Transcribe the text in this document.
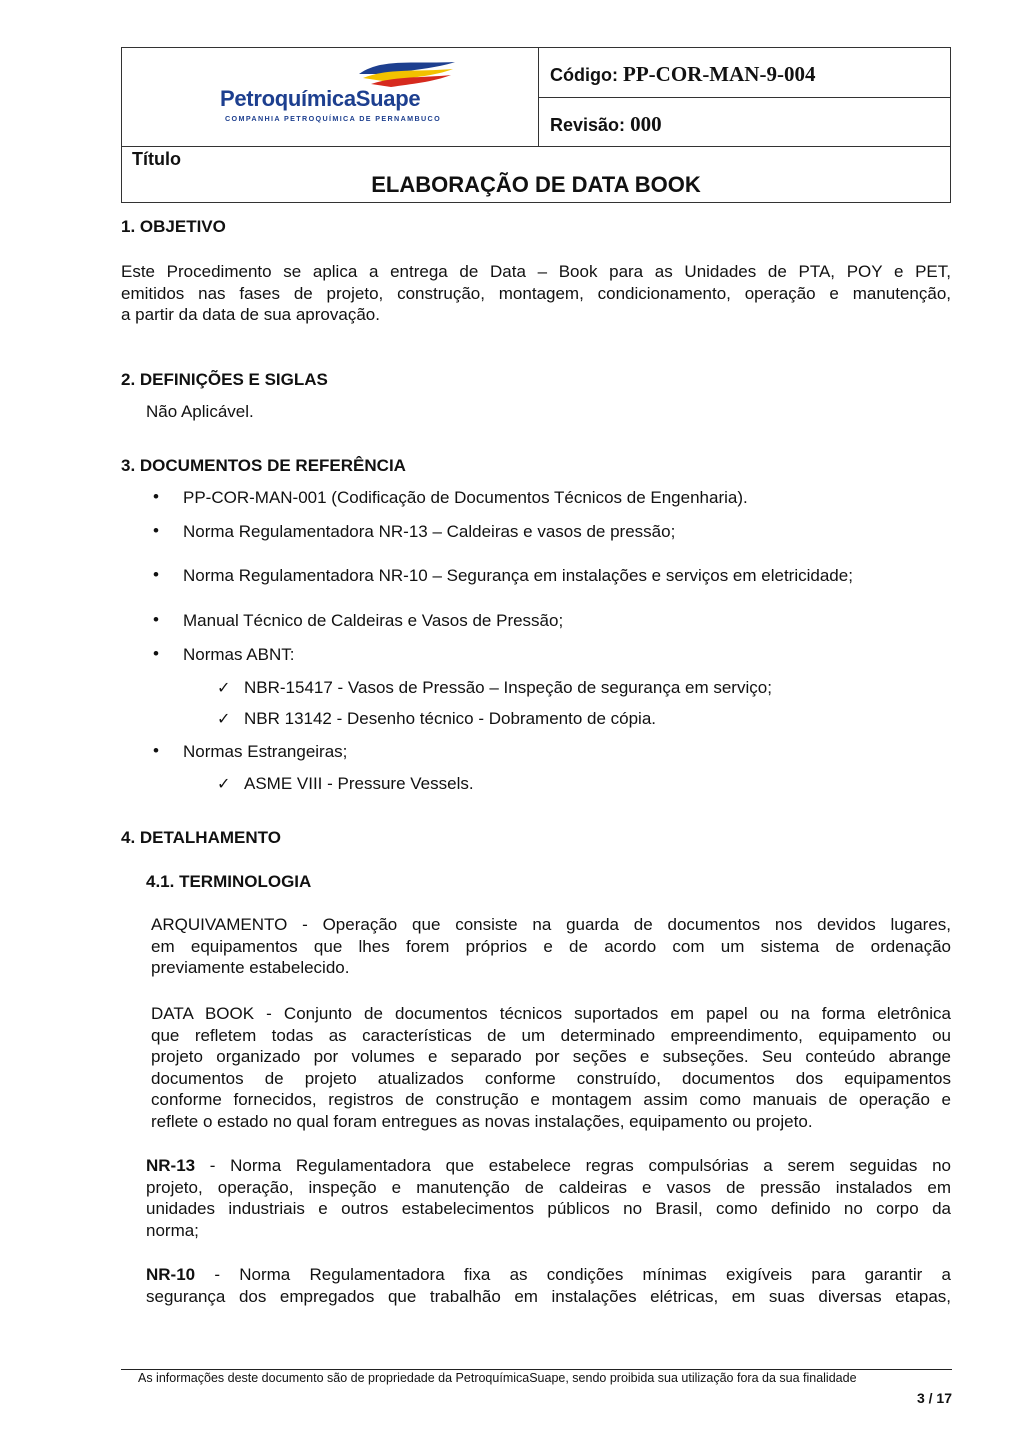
PetroquímicaSuape
COMPANHIA PETROQUÍMICA DE PERNAMBUCO
Código: PP-COR-MAN-9-004
Revisão: 000
Título
ELABORAÇÃO DE DATA BOOK
1. OBJETIVO
Este Procedimento se aplica a entrega de Data – Book para as Unidades de PTA, POY e PET,
emitidos nas fases de projeto, construção, montagem, condicionamento, operação e manutenção,
a partir da data de sua aprovação.
2. DEFINIÇÕES E SIGLAS
Não Aplicável.
3. DOCUMENTOS DE REFERÊNCIA
• PP-COR-MAN-001 (Codificação de Documentos Técnicos de Engenharia).
• Norma Regulamentadora NR-13 – Caldeiras e vasos de pressão;
• Norma Regulamentadora NR-10 – Segurança em instalações e serviços em eletricidade;
• Manual Técnico de Caldeiras e Vasos de Pressão;
• Normas ABNT:
✓ NBR-15417 - Vasos de Pressão – Inspeção de segurança em serviço;
✓ NBR 13142 - Desenho técnico - Dobramento de cópia.
• Normas Estrangeiras;
✓ ASME VIII - Pressure Vessels.
4. DETALHAMENTO
4.1. TERMINOLOGIA
ARQUIVAMENTO - Operação que consiste na guarda de documentos nos devidos lugares,
em equipamentos que lhes forem próprios e de acordo com um sistema de ordenação
previamente estabelecido.
DATA BOOK - Conjunto de documentos técnicos suportados em papel ou na forma eletrônica
que refletem todas as características de um determinado empreendimento, equipamento ou
projeto organizado por volumes e separado por seções e subseções. Seu conteúdo abrange
documentos de projeto atualizados conforme construído, documentos dos equipamentos
conforme fornecidos, registros de construção e montagem assim como manuais de operação e
reflete o estado no qual foram entregues as novas instalações, equipamento ou projeto.
NR-13 - Norma Regulamentadora que estabelece regras compulsórias a serem seguidas no
projeto, operação, inspeção e manutenção de caldeiras e vasos de pressão instalados em
unidades industriais e outros estabelecimentos públicos no Brasil, como definido no corpo da
norma;
NR-10 - Norma Regulamentadora fixa as condições mínimas exigíveis para garantir a
segurança dos empregados que trabalhão em instalações elétricas, em suas diversas etapas,
As informações deste documento são de propriedade da PetroquímicaSuape, sendo proibida sua utilização fora da sua finalidade
3 / 17
